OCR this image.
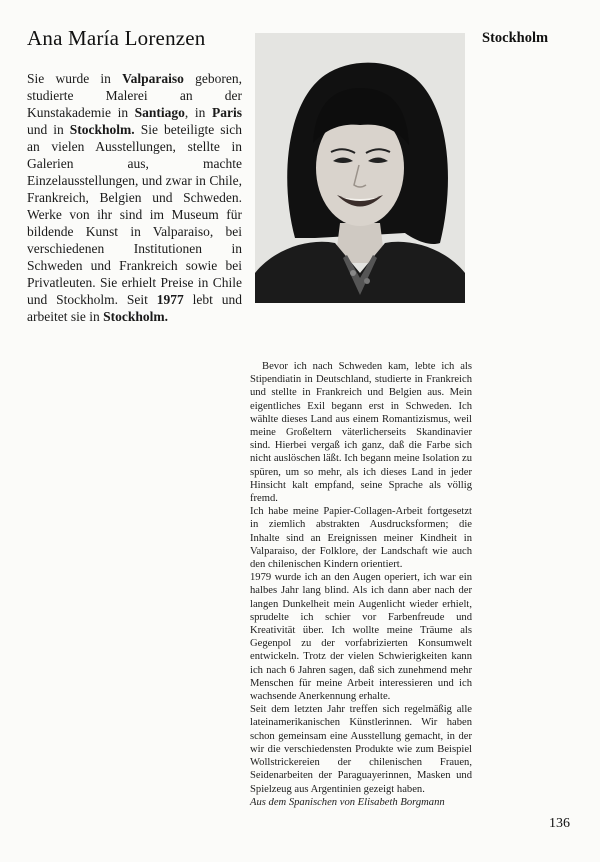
Ana María Lorenzen	Stockholm
Sie wurde in Valparaiso geboren, studierte Malerei an der Kunstakademie in Santiago, in Paris und in Stockholm. Sie beteiligte sich an vielen Ausstellungen, stellte in Galerien aus, machte Einzelausstellungen, und zwar in Chile, Frankreich, Belgien und Schweden. Werke von ihr sind im Museum für bildende Kunst in Valparaiso, bei verschiedenen Institutionen in Schweden und Frankreich sowie bei Privatleuten. Sie erhielt Preise in Chile und Stockholm. Seit 1977 lebt und arbeitet sie in Stockholm.

Bevor ich nach Schweden kam, lebte ich als Stipendiatin in Deutschland, studierte in Frankreich und stellte in Frankreich und Belgien aus. Mein eigentliches Exil begann erst in Schweden. Ich wählte dieses Land aus einem Romantizismus, weil meine Großeltern väterlicherseits Skandinavier sind. Hierbei vergaß ich ganz, daß die Farbe sich nicht auslöschen läßt. Ich begann meine Isolation zu spüren, um so mehr, als ich dieses Land in jeder Hinsicht kalt empfand, seine Sprache als völlig fremd.

Ich habe meine Papier-Collagen-Arbeit fortgesetzt in ziemlich abstrakten Ausdrucksformen; die Inhalte sind an Ereignissen meiner Kindheit in Valparaiso, der Folklore, der Landschaft wie auch den chilenischen Kindern orientiert.

1979 wurde ich an den Augen operiert, ich war ein halbes Jahr lang blind. Als ich dann aber nach der langen Dunkelheit mein Augenlicht wieder erhielt, sprudelte ich schier vor Farbenfreude und Kreativität über. Ich wollte meine Träume als Gegenpol zu der vorfabrizierten Konsumwelt entwickeln. Trotz der vielen Schwierigkeiten kann ich nach 6 Jahren sagen, daß sich zunehmend mehr Menschen für meine Arbeit interessieren und ich wachsende Anerkennung erhalte.

Seit dem letzten Jahr treffen sich regelmäßig alle lateinamerikanischen Künstlerinnen. Wir haben schon gemeinsam eine Ausstellung gemacht, in der wir die verschiedensten Produkte wie zum Beispiel Wollstrickereien der chilenischen Frauen, Seidenarbeiten der Paraguayerinnen, Masken und Spielzeug aus Argentinien gezeigt haben.

Aus dem Spanischen von Elisabeth Borgmann

136
